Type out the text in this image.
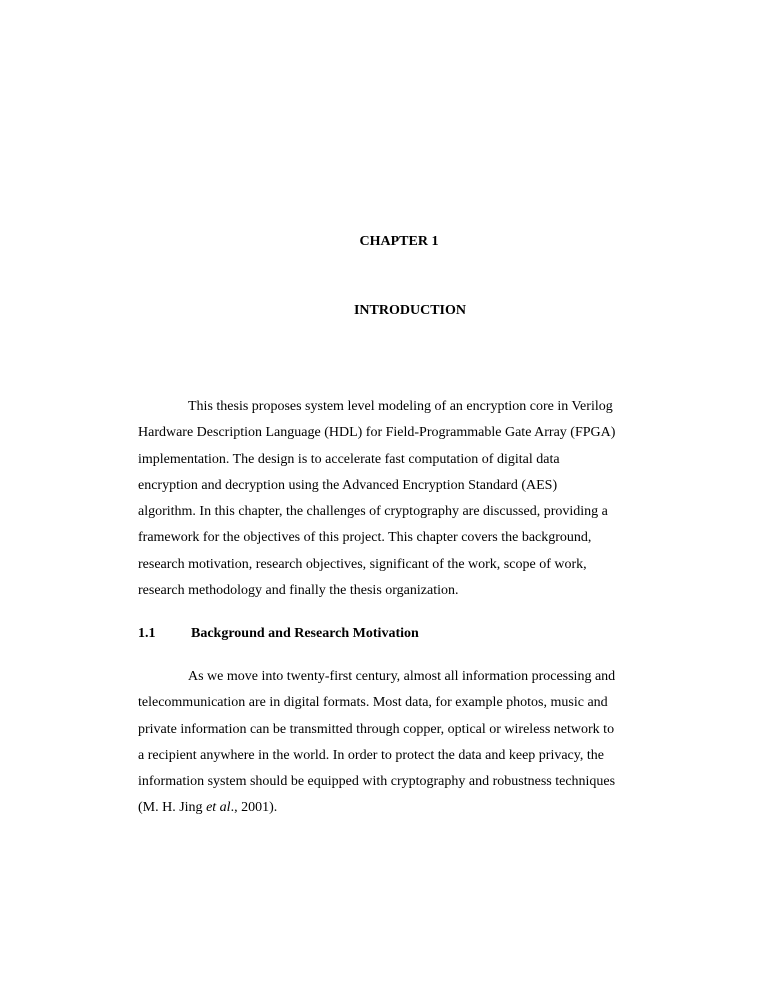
CHAPTER 1
INTRODUCTION
This thesis proposes system level modeling of an encryption core in Verilog
Hardware Description Language (HDL) for Field-Programmable Gate Array (FPGA)
implementation. The design is to accelerate fast computation of digital data
encryption and decryption using the Advanced Encryption Standard (AES)
algorithm. In this chapter, the challenges of cryptography are discussed, providing a
framework for the objectives of this project. This chapter covers the background,
research motivation, research objectives, significant of the work, scope of work,
research methodology and finally the thesis organization.
1.1	Background and Research Motivation
As we move into twenty-first century, almost all information processing and
telecommunication are in digital formats. Most data, for example photos, music and
private information can be transmitted through copper, optical or wireless network to
a recipient anywhere in the world. In order to protect the data and keep privacy, the
information system should be equipped with cryptography and robustness techniques
(M. H. Jing et al., 2001).
